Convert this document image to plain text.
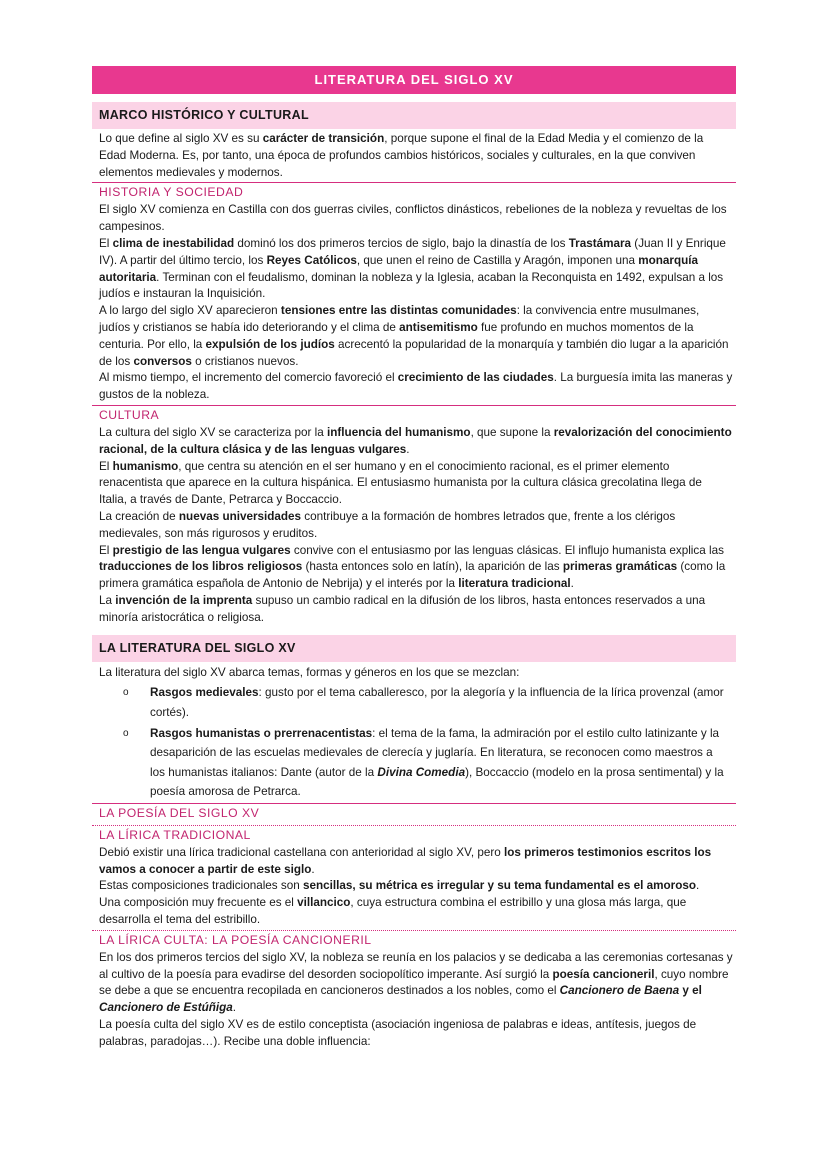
LITERATURA DEL SIGLO XV
MARCO HISTÓRICO Y CULTURAL

Lo que define al siglo XV es su carácter de transición, porque supone el final de la Edad Media y el comienzo de la Edad Moderna. Es, por tanto, una época de profundos cambios históricos, sociales y culturales, en la que conviven elementos medievales y modernos.

HISTORIA Y SOCIEDAD

El siglo XV comienza en Castilla con dos guerras civiles, conflictos dinásticos, rebeliones de la nobleza y revueltas de los campesinos.

El clima de inestabilidad dominó los dos primeros tercios de siglo, bajo la dinastía de los Trastámara (Juan II y Enrique IV). A partir del último tercio, los Reyes Católicos, que unen el reino de Castilla y Aragón, imponen una monarquía autoritaria. Terminan con el feudalismo, dominan la nobleza y la Iglesia, acaban la Reconquista en 1492, expulsan a los judíos e instauran la Inquisición.

A lo largo del siglo XV aparecieron tensiones entre las distintas comunidades: la convivencia entre musulmanes, judíos y cristianos se había ido deteriorando y el clima de antisemitismo fue profundo en muchos momentos de la centuria. Por ello, la expulsión de los judíos acrecentó la popularidad de la monarquía y también dio lugar a la aparición de los conversos o cristianos nuevos.

Al mismo tiempo, el incremento del comercio favoreció el crecimiento de las ciudades. La burguesía imita las maneras y gustos de la nobleza.

CULTURA

La cultura del siglo XV se caracteriza por la influencia del humanismo, que supone la revalorización del conocimiento racional, de la cultura clásica y de las lenguas vulgares.

El humanismo, que centra su atención en el ser humano y en el conocimiento racional, es el primer elemento renacentista que aparece en la cultura hispánica. El entusiasmo humanista por la cultura clásica grecolatina llega de Italia, a través de Dante, Petrarca y Boccaccio.

La creación de nuevas universidades contribuye a la formación de hombres letrados que, frente a los clérigos medievales, son más rigurosos y eruditos.

El prestigio de las lengua vulgares convive con el entusiasmo por las lenguas clásicas. El influjo humanista explica las traducciones de los libros religiosos (hasta entonces solo en latín), la aparición de las primeras gramáticas (como la primera gramática española de Antonio de Nebrija) y el interés por la literatura tradicional.

La invención de la imprenta supuso un cambio radical en la difusión de los libros, hasta entonces reservados a una minoría aristocrática o religiosa.

LA LITERATURA DEL SIGLO XV

La literatura del siglo XV abarca temas, formas y géneros en los que se mezclan:

o Rasgos medievales: gusto por el tema caballeresco, por la alegoría y la influencia de la lírica provenzal (amor cortés).
o Rasgos humanistas o prerrenacentistas: el tema de la fama, la admiración por el estilo culto latinizante y la desaparición de las escuelas medievales de clerecía y juglaría. En literatura, se reconocen como maestros a los humanistas italianos: Dante (autor de la Divina Comedia), Boccaccio (modelo en la prosa sentimental) y la poesía amorosa de Petrarca.
LA POESÍA DEL SIGLO XV
LA LÍRICA TRADICIONAL

Debió existir una lírica tradicional castellana con anterioridad al siglo XV, pero los primeros testimonios escritos los vamos a conocer a partir de este siglo.

Estas composiciones tradicionales son sencillas, su métrica es irregular y su tema fundamental es el amoroso.

Una composición muy frecuente es el villancico, cuya estructura combina el estribillo y una glosa más larga, que desarrolla el tema del estribillo.

LA LÍRICA CULTA: LA POESÍA CANCIONERIL

En los dos primeros tercios del siglo XV, la nobleza se reunía en los palacios y se dedicaba a las ceremonias cortesanas y al cultivo de la poesía para evadirse del desorden sociopolítico imperante. Así surgió la poesía cancioneril, cuyo nombre se debe a que se encuentra recopilada en cancioneros destinados a los nobles, como el Cancionero de Baena y el Cancionero de Estúñiga.

La poesía culta del siglo XV es de estilo conceptista (asociación ingeniosa de palabras e ideas, antítesis, juegos de palabras, paradojas…). Recibe una doble influencia:
